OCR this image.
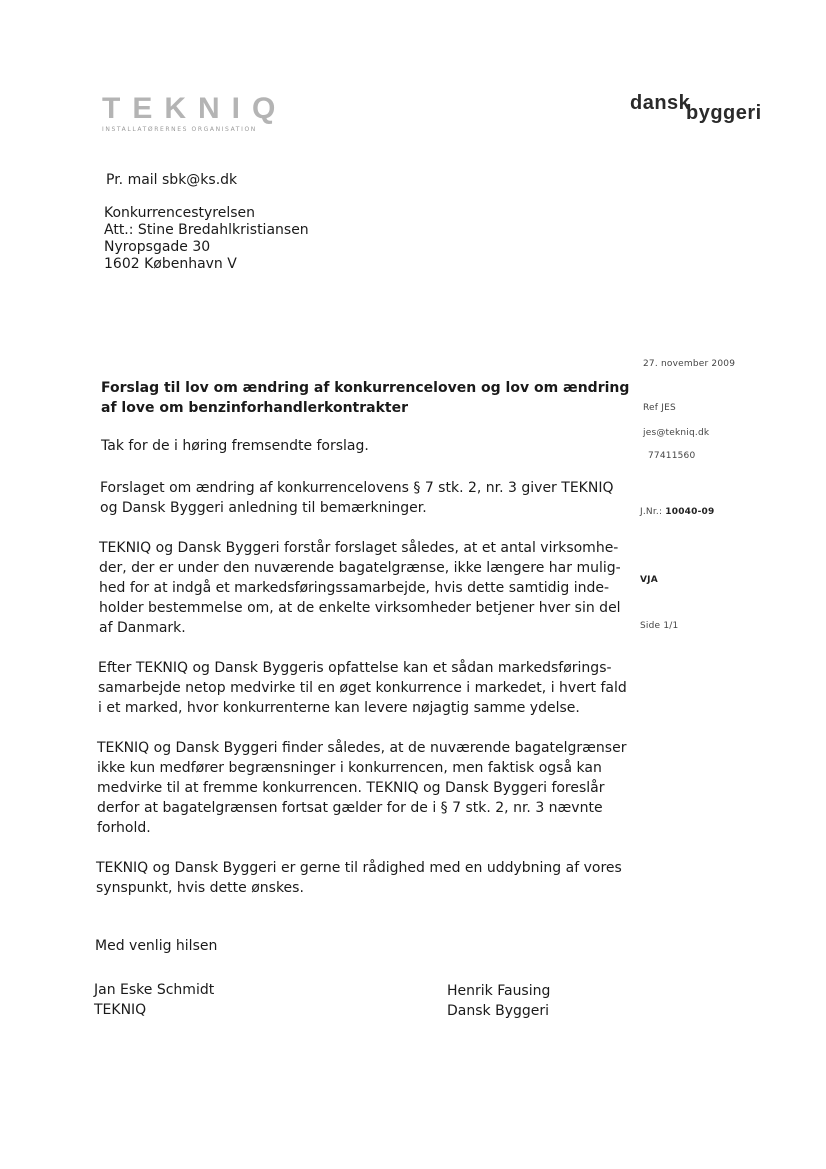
TEKNIQ
INSTALLATØRERNES ORGANISATION
dansk
byggeri
Pr. mail sbk@ks.dk
Konkurrencestyrelsen
Att.: Stine Bredahlkristiansen
Nyropsgade 30
1602 København V
27. november 2009
Ref JES
jes@tekniq.dk
77411560
J.Nr.: 10040-09
VJA
Side 1/1
Forslag til lov om ændring af konkurrenceloven og lov om ændring
af love om benzinforhandlerkontrakter
Tak for de i høring fremsendte forslag.
Forslaget om ændring af konkurrencelovens § 7 stk. 2, nr. 3 giver TEKNIQ
og Dansk Byggeri anledning til bemærkninger.
TEKNIQ og Dansk Byggeri forstår forslaget således, at et antal virksomhe-
der, der er under den nuværende bagatelgrænse, ikke længere har mulig-
hed for at indgå et markedsføringssamarbejde, hvis dette samtidig inde-
holder bestemmelse om, at de enkelte virksomheder betjener hver sin del
af Danmark.
Efter TEKNIQ og Dansk Byggeris opfattelse kan et sådan markedsførings-
samarbejde netop medvirke til en øget konkurrence i markedet, i hvert fald
i et marked, hvor konkurrenterne kan levere nøjagtig samme ydelse.
TEKNIQ og Dansk Byggeri finder således, at de nuværende bagatelgrænser
ikke kun medfører begrænsninger i konkurrencen, men faktisk også kan
medvirke til at fremme konkurrencen. TEKNIQ og Dansk Byggeri foreslår
derfor at bagatelgrænsen fortsat gælder for de i § 7 stk. 2, nr. 3 nævnte
forhold.
TEKNIQ og Dansk Byggeri er gerne til rådighed med en uddybning af vores
synspunkt, hvis dette ønskes.
Med venlig hilsen
Jan Eske Schmidt
TEKNIQ
Henrik Fausing
Dansk Byggeri
